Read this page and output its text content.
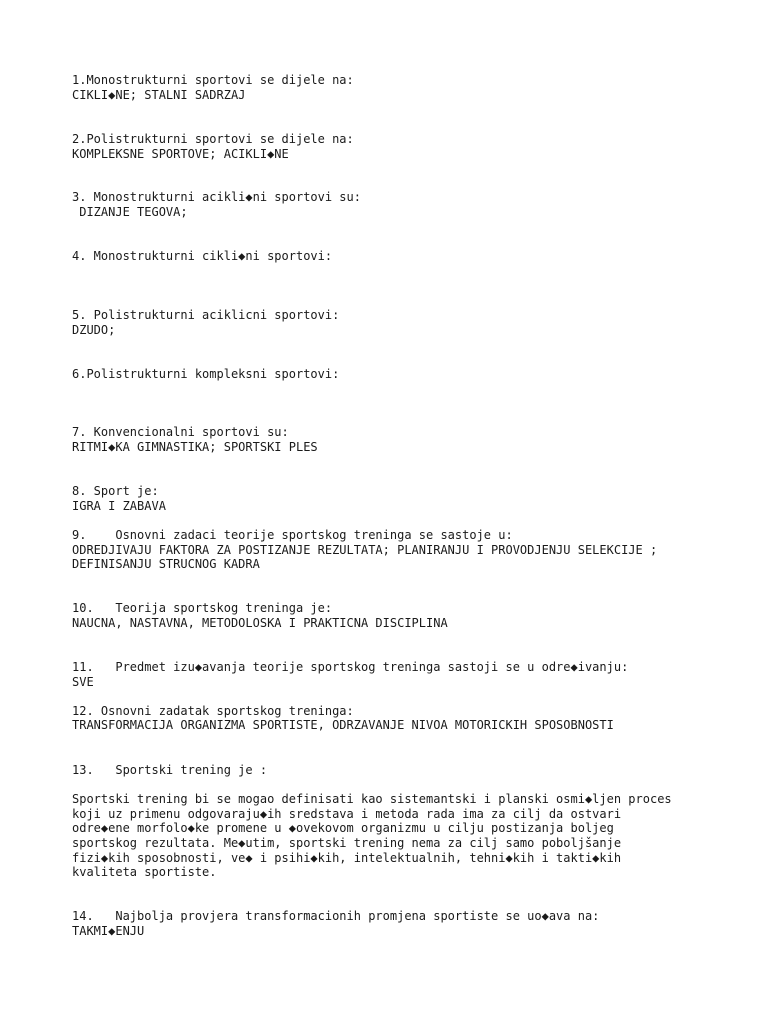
1.Monostrukturni sportovi se dijele na:
CIKLI◆NE; STALNI SADRZAJ
2.Polistrukturni sportovi se dijele na:
KOMPLEKSNE SPORTOVE; ACIKLI◆NE
3. Monostrukturni acikli◆ni sportovi su:
DIZANJE TEGOVA;
4. Monostrukturni cikli◆ni sportovi:
5. Polistrukturni aciklicni sportovi:
DZUDO;
6.Polistrukturni kompleksni sportovi:
7. Konvencionalni sportovi su:
RITMI◆KA GIMNASTIKA; SPORTSKI PLES
8. Sport je:
IGRA I ZABAVA
9.    Osnovni zadaci teorije sportskog treninga se sastoje u:
ODREDJIVAJU FAKTORA ZA POSTIZANJE REZULTATA; PLANIRANJU I PROVODJENJU SELEKCIJE ;
DEFINISANJU STRUCNOG KADRA
10.   Teorija sportskog treninga je:
NAUCNA, NASTAVNA, METODOLOSKA I PRAKTICNA DISCIPLINA
11.   Predmet izu◆avanja teorije sportskog treninga sastoji se u odre◆ivanju:
SVE
12. Osnovni zadatak sportskog treninga:
TRANSFORMACIJA ORGANIZMA SPORTISTE, ODRZAVANJE NIVOA MOTORICKIH SPOSOBNOSTI
13.   Sportski trening je :
Sportski trening bi se mogao definisati kao sistemantski i planski osmi◆ljen proces
koji uz primenu odgovaraju◆ih sredstava i metoda rada ima za cilj da ostvari
odre◆ene morfolo◆ke promene u ◆ovekovom organizmu u cilju postizanja boljeg
sportskog rezultata. Me◆utim, sportski trening nema za cilj samo poboljšanje
fizi◆kih sposobnosti, ve◆ i psihi◆kih, intelektualnih, tehni◆kih i takti◆kih
kvaliteta sportiste.
14.   Najbolja provjera transformacionih promjena sportiste se uo◆ava na:
TAKMI◆ENJU
